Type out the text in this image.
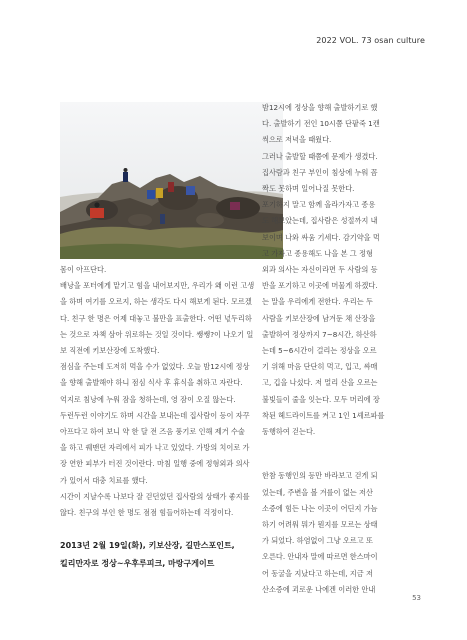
2022 VOL. 73 osan culture

몸이 아프단다.

배낭을 포터에게 맡기고 힘을 내어보지만, 우리가 왜 이런 고생

을 하며 여기를 오르지, 하는 생각도 다시 해보게 된다. 모르겠

다. 친구 한 명은 어제 대놓고 불만을 표출한다. 어떤 넋두리하

는 것으로 자책 삼아 위로하는 것일 것이다. 쌩쌩?이 나오기 일

보 직전에 키보산장에 도착했다.

점심을 주는데 도저히 먹을 수가 없었다. 오늘 밤12시에 정상

을 향해 출발해야 하니 점심 식사 후 휴식을 취하고 자란다.

억지로 침낭에 누워 잠을 청하는데, 영 잠이 오질 않는다.

두런두런 이야기도 하며 시간을 보내는데 집사람이 등이 자꾸

아프다고 하여 보니 약 한 달 전 즈음 풍기로 인해 제거 수술

을 하고 꿰맨던 자리에서 피가 나고 있었다. 가방의 치이로 가

장 연한 피부가 터진 것이란다. 마침 일행 중에 정형외과 의사

가 있어서 대충 치료를 했다.

시간이 지날수록 나보다 잘 걷던었던 집사람의 상태가 좋지를

않다. 친구의 부인 한 명도 점점 힘들어하는데 걱정이다.

2013년 2월 19일(화), 키보산장, 길만스포인트,

킬리만자로 정상~우후루피크, 마랑구게이트

밤12시에 정상을 향해 출발하기로 했

다. 출발하기 전인 10시쯤 단팥죽 1캔

씩으로 저녁을 때웠다.

그러나 출발할 때쯤에 문제가 생겼다.

집사람과 친구 부인이 침상에 누워 꼼

짝도 못하며 일어나질 못한다.

포기하지 말고 함께 올라가자고 종용

도 해보았는데, 집사람은 성절까지 내

보이며 나와 싸움 기세다. 감기약을 먹

고 가자고 종용해도 나을 본 그 정형

외과 의사는 자신이라면 두 사람의 등

반을 포기하고 이곳에 머물게 하겠다.

는 말을 우리에게 전한다. 우리는 두

사람을 키보산장에 남겨둔 채 산장을

출발하여 정상까지 7~8시간, 하산하

는데 5~6시간이 걸리는 정상을 오르

기 위해 마음 단단히 먹고, 입고, 싸매

고, 깁을 나섰다. 저 멀리 산을 오르는

불빛들이 줄을 잇는다. 모두 머리에 장

착된 헤드라이트를 켜고 1인 1셰르파를

동행하여 걷는다.

한참 동행인의 등만 바라보고 걷게 되

었는데, 주변을 볼 겨를이 없는 저산

소증에 힘든 나는 이곳이 어딘지 가늠

하기 어려워 뭐가 뭔지를 모르는 상태

가 되었다. 하염없이 그냥 오르고 또

오른다. 안내자 말에 따르면 한스마이

어 동굴을 지났다고 하는데, 지금 저

산소증에 괴로운 나에겐 이러한 안내

53
